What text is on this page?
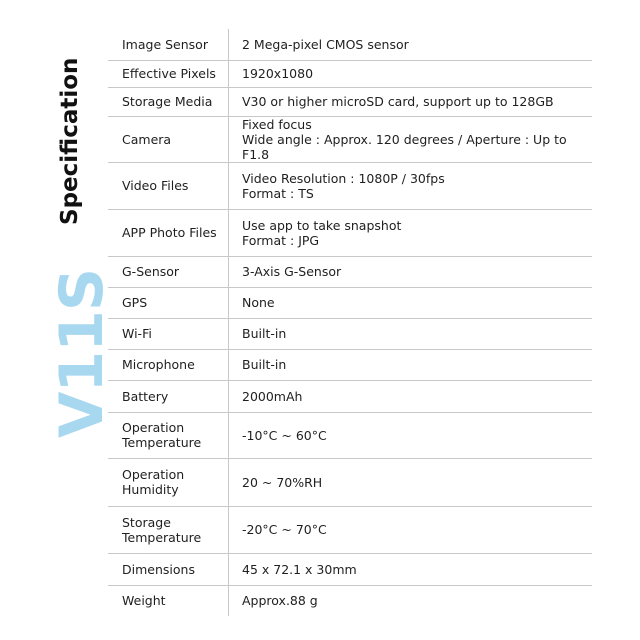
V11S
Specification
Image Sensor	2 Mega-pixel CMOS sensor

Effective Pixels	1920x1080

Storage Media	V30 or higher microSD card, support up to 128GB

Camera	Fixed focus
Wide angle : Approx. 120 degrees / Aperture : Up to F1.8

Video Files	Video Resolution : 1080P / 30fps
Format : TS

APP Photo Files	Use app to take snapshot
Format : JPG

G-Sensor	3-Axis G-Sensor

GPS	None

Wi-Fi	Built-in

Microphone	Built-in

Battery	2000mAh

Operation Temperature	-10°C ~ 60°C

Operation Humidity	20 ~ 70%RH

Storage Temperature	-20°C ~ 70°C

Dimensions	45 x 72.1 x 30mm

Weight	Approx.88 g
